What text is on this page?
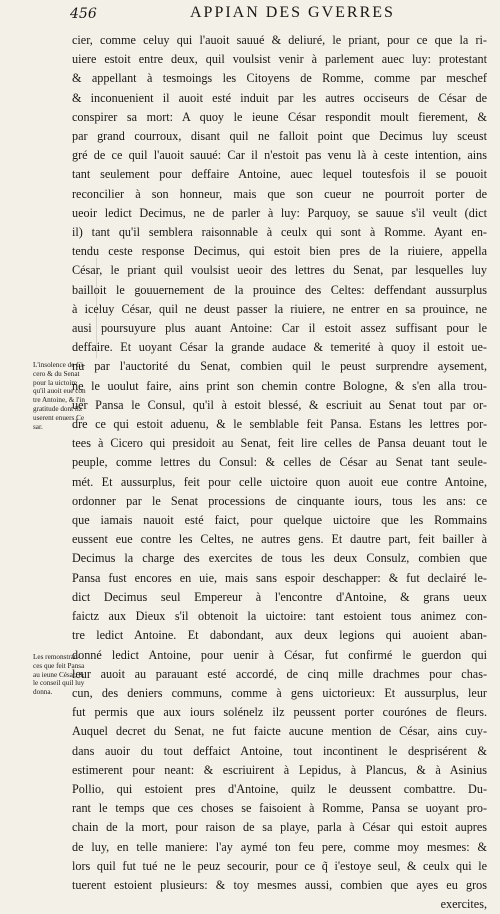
456	APPIAN DES GVERRES
L'insolence de Ci-
cero & du Senat
pour la uictoire
qu'il auoit eue con
tre Antoine, & l'in
gratitude dont ilz
userent enuers Ce
sar.
Les remonstran-
ces que feit Pansa
au ieune César, &
le conseil quil luy
donna.
cier, comme celuy qui l'auoit sauué & deliuré, le priant, pour ce que la ri-
uiere estoit entre deux, quil voulsist venir à parlement auec luy: protestant
& appellant à tesmoings les Citoyens de Romme, comme par meschef
& inconuenient il auoit esté induit par les autres occiseurs de César de
conspirer sa mort: A quoy le ieune César respondit moult fierement, &
par grand courroux, disant quil ne falloit point que Decimus luy sceust
gré de ce quil l'auoit sauué: Car il n'estoit pas venu là à ceste intention, ains
tant seulement pour deffaire Antoine, auec lequel toutesfois il se pouoit
reconcilier à son honneur, mais que son cueur ne pourroit porter de
ueoir ledict Decimus, ne de parler à luy: Parquoy, se sauue s'il veult (dict
il) tant qu'il semblera raisonnable à ceulx qui sont à Romme. Ayant en-
tendu ceste response Decimus, qui estoit bien pres de la riuiere, appella
César, le priant quil voulsist ueoir des lettres du Senat, par lesquelles luy
bailloit le gouuernement de la prouince des Celtes: deffendant aussurplus
à iceluy César, quil ne deust passer la riuiere, ne entrer en sa prouince, ne
ausi poursuyure plus auant Antoine: Car il estoit assez suffisant pour le
deffaire. Et uoyant César la grande audace & temerité à quoy il estoit ue-
nu par l'auctorité du Senat, combien quil le peust surprendre aysement,
ne le uoulut faire, ains print son chemin contre Bologne, & s'en alla trou-
uer Pansa le Consul, qu'il à estoit blessé, & escriuit au Senat tout par or-
dre ce qui estoit aduenu, & le semblable feit Pansa. Estans les lettres por-
tees à Cicero qui presidoit au Senat, feit lire celles de Pansa deuant tout le
peuple, comme lettres du Consul: & celles de César au Senat tant seule-
mét. Et aussurplus, feit pour celle uictoire quon auoit eue contre Antoine,
ordonner par le Senat processions de cinquante iours, tous les ans: ce
que iamais nauoit esté faict, pour quelque uictoire que les Rommains
eussent eue contre les Celtes, ne autres gens. Et dautre part, feit bailler à
Decimus la charge des exercites de tous les deux Consulz, combien que
Pansa fust encores en uie, mais sans espoir deschapper: & fut declairé le-
dict Decimus seul Empereur à l'encontre d'Antoine, & grans ueux
faictz aux Dieux s'il obtenoit la uictoire: tant estoient tous animez con-
tre ledict Antoine. Et dabondant, aux deux legions qui auoient aban-
donné ledict Antoine, pour uenir à César, fut confirmé le guerdon qui
leur auoit au parauant esté accordé, de cinq mille drachmes pour chas-
cun, des deniers communs, comme à gens uictorieux: Et aussurplus, leur
fut permis que aux iours solénelz ilz peussent porter courónes de fleurs.
Auquel decret du Senat, ne fut faicte aucune mention de César, ains cuy-
dans auoir du tout deffaict Antoine, tout incontinent le desprisérent &
estimerent pour neant: & escriuirent à Lepidus, à Plancus, & à Asinius
Pollio, qui estoient pres d'Antoine, quilz le deussent combattre. Du-
rant le temps que ces choses se faisoient à Romme, Pansa se uoyant pro-
chain de la mort, pour raison de sa playe, parla à César qui estoit aupres
de luy, en telle maniere: l'ay aymé ton feu pere, comme moy mesmes: &
lors quil fut tué ne le peuz secourir, pour ce q̃ i'estoye seul, & ceulx qui le
tuerent estoient plusieurs: & toy mesmes aussi, combien que ayes eu gros
exercites,
